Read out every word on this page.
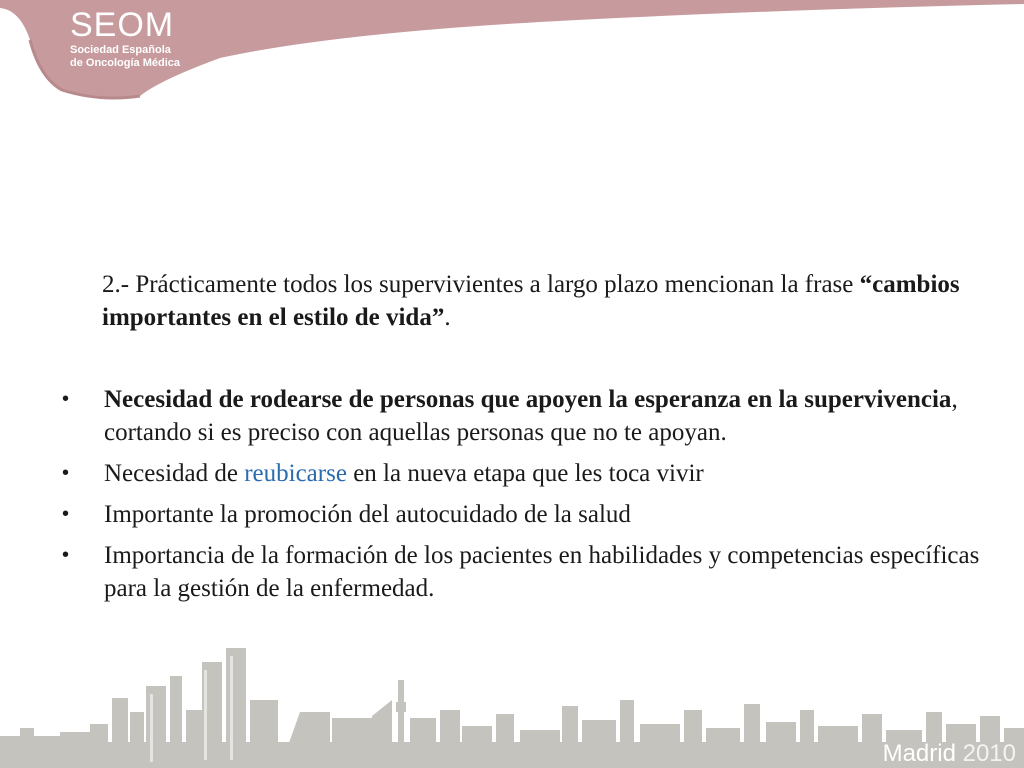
SEOM
Sociedad Española
de Oncología Médica
2.- Prácticamente todos los supervivientes a largo plazo mencionan la frase “cambios importantes en el estilo de vida”.
•	Necesidad de rodearse de personas que apoyen la esperanza en la supervivencia, cortando si es preciso con aquellas personas que no te apoyan.
•	Necesidad de reubicarse en la nueva etapa que les toca vivir
•	Importante la promoción del autocuidado de la salud
•	Importancia de la formación de los pacientes en habilidades y competencias específicas para la gestión de la enfermedad.
Madrid 2010
